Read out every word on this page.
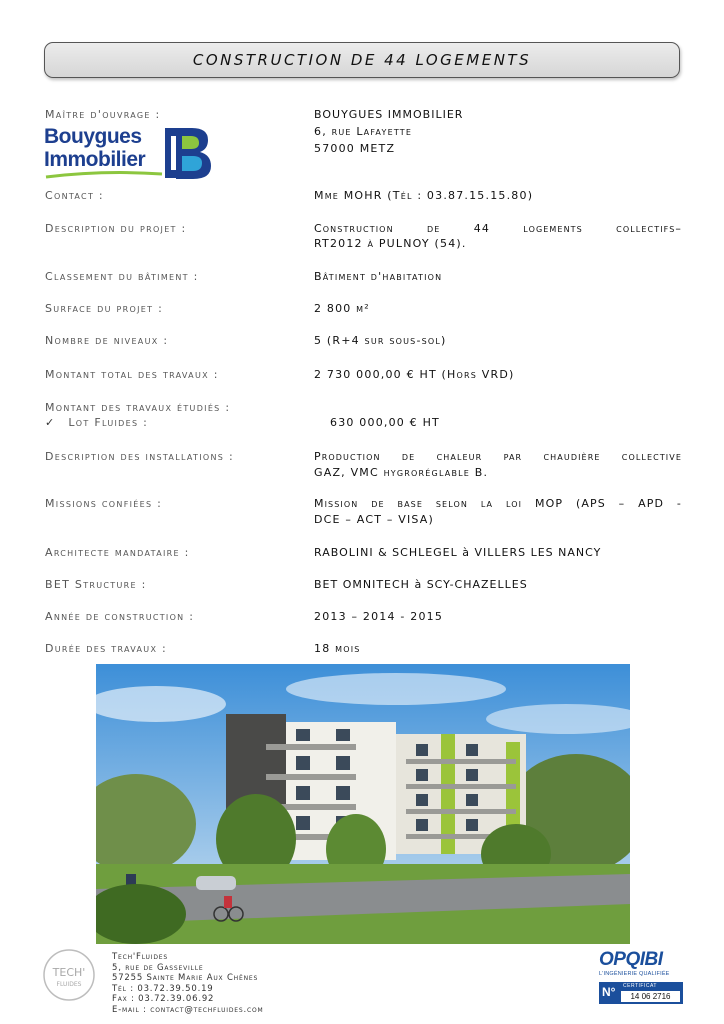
CONSTRUCTION DE 44 LOGEMENTS
Maître d'ouvrage :	BOUYGUES IMMOBILIER
6, rue Lafayette
57000 METZ
Bouygues
Immobilier
Contact :	Mme MOHR (Tél : 03.87.15.15.80)
Description du projet :	Construction de 44 logements collectifs–
RT2012 à PULNOY (54).
Classement du bâtiment :	Bâtiment d'habitation
Surface du projet :	2 800 m²
Nombre de niveaux :	5 (R+4 sur sous-sol)
Montant total des travaux :	2 730 000,00 € HT (Hors VRD)
Montant des travaux étudiés :
✓ Lot Fluides :	630 000,00 € HT
Description des installations :	Production de chaleur par chaudière collective
GAZ, VMC hygroréglable B.
Missions confiées :	Mission de base selon la loi MOP (APS – APD -
DCE – ACT – VISA)
Architecte mandataire :	RABOLINI & SCHLEGEL à VILLERS LES NANCY
BET Structure :	BET OMNITECH à SCY-CHAZELLES
Année de construction :	2013 – 2014 - 2015
Durée des travaux :	18 mois
TECH'
FLUIDES
Tech'Fluides
5, rue de Gasseville
57255 Sainte Marie Aux Chênes
Tél : 03.72.39.50.19
Fax : 03.72.39.06.92
E-mail : contact@techfluides.com
OPQIBI
L'INGÉNIERIE QUALIFIÉE
N° CERTIFICAT
14 06 2716
